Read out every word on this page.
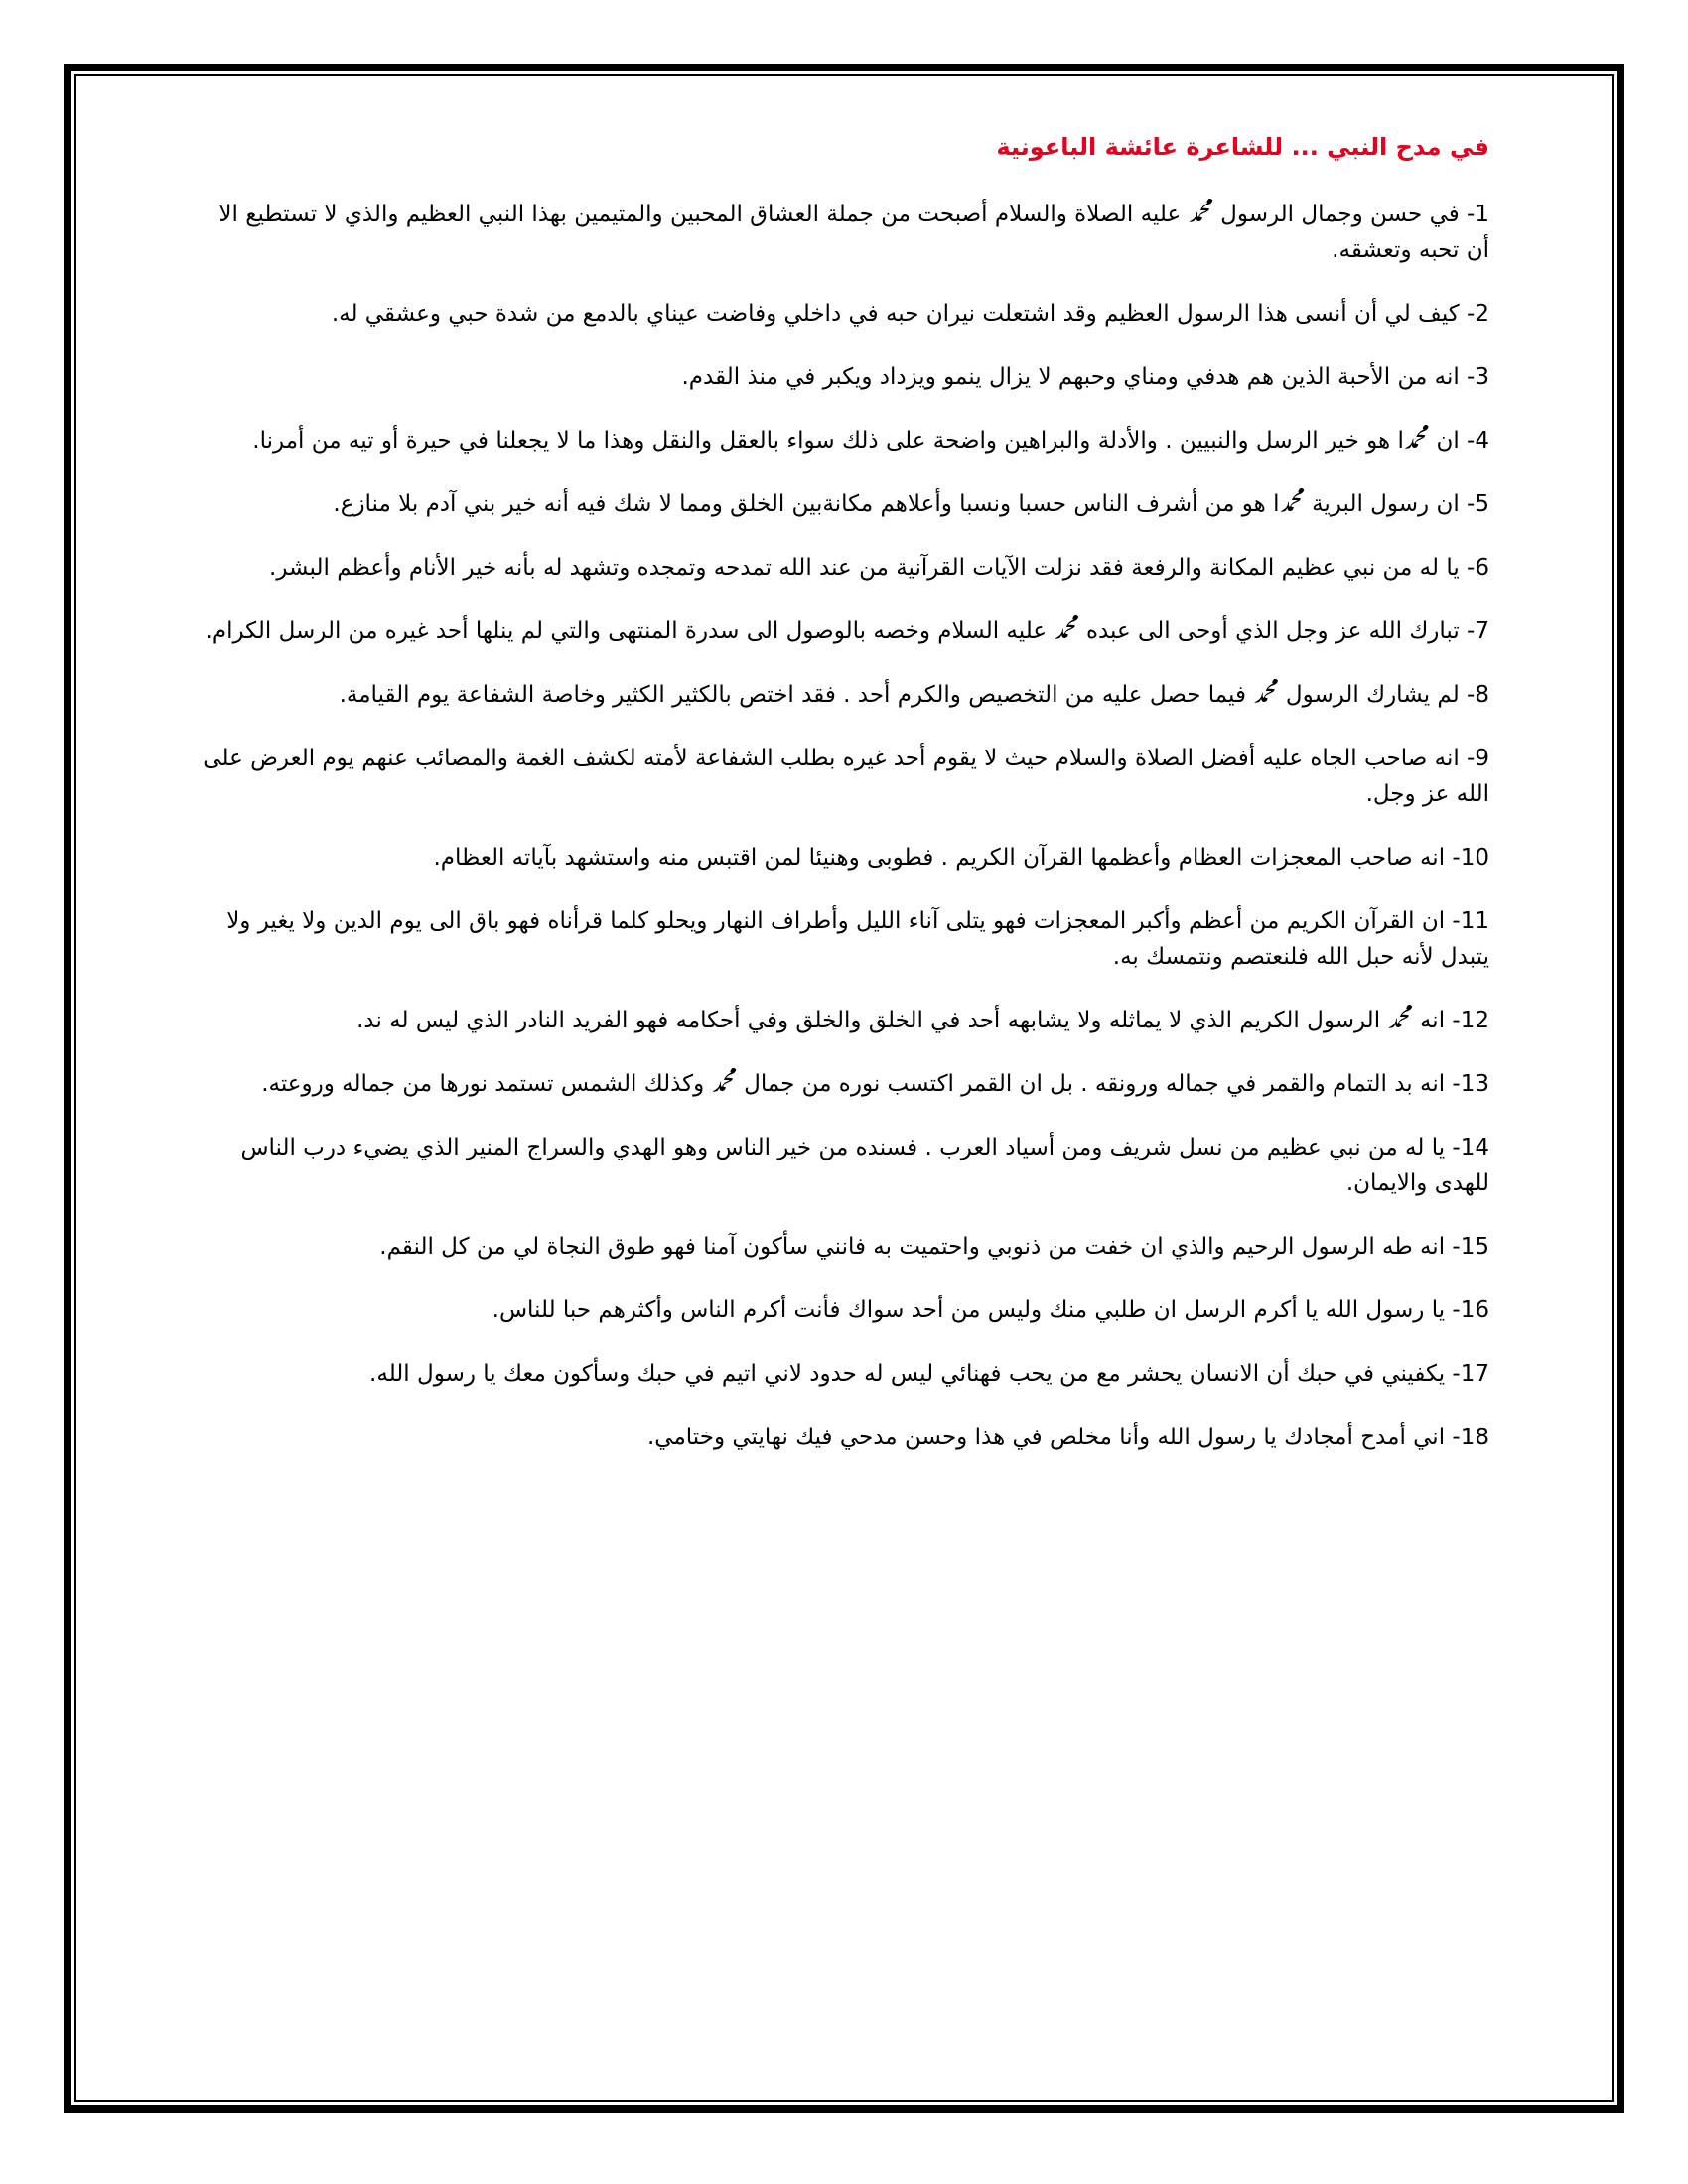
في مدح النبي ... للشاعرة عائشة الباعونية
1- في حسن وجمال الرسول ﷴ عليه الصلاة والسلام أصبحت من جملة العشاق المحبين والمتيمين بهذا النبي العظيم والذي لا تستطيع الا أن تحبه وتعشقه.
2- كيف لي أن أنسى هذا الرسول العظيم وقد اشتعلت نيران حبه في داخلي وفاضت عيناي بالدمع من شدة حبي وعشقي له.
3- انه من الأحبة الذين هم هدفي ومناي وحبهم لا يزال ينمو ويزداد ويكبر في منذ القدم.
4- ان ﷴا هو خير الرسل والنبيين . والأدلة والبراهين واضحة على ذلك سواء بالعقل والنقل وهذا ما لا يجعلنا في حيرة أو تيه من أمرنا.
5- ان رسول البرية ﷴا هو من أشرف الناس حسبا ونسبا وأعلاهم مكانةبين الخلق ومما لا شك فيه أنه خير بني آدم بلا منازع.
6- يا له من نبي عظيم المكانة والرفعة فقد نزلت الآيات القرآنية من عند الله تمدحه وتمجده وتشهد له بأنه خير الأنام وأعظم البشر.
7- تبارك الله عز وجل الذي أوحى الى عبده ﷴ عليه السلام وخصه بالوصول الى سدرة المنتهى والتي لم ينلها أحد غيره من الرسل الكرام.
8- لم يشارك الرسول ﷴ فيما حصل عليه من التخصيص والكرم أحد . فقد اختص بالكثير الكثير وخاصة الشفاعة يوم القيامة.
9- انه صاحب الجاه عليه أفضل الصلاة والسلام حيث لا يقوم أحد غيره بطلب الشفاعة لأمته لكشف الغمة والمصائب عنهم يوم العرض على الله عز وجل.
10- انه صاحب المعجزات العظام وأعظمها القرآن الكريم . فطوبى وهنيئا لمن اقتبس منه واستشهد بآياته العظام.
11- ان القرآن الكريم من أعظم وأكبر المعجزات فهو يتلى آناء الليل وأطراف النهار ويحلو كلما قرأناه فهو باق الى يوم الدين ولا يغير ولا يتبدل لأنه حبل الله فلنعتصم ونتمسك به.
12- انه ﷴ الرسول الكريم الذي لا يماثله ولا يشابهه أحد في الخلق والخلق وفي أحكامه فهو الفريد النادر الذي ليس له ند.
13- انه بد التمام والقمر في جماله ورونقه . بل ان القمر اكتسب نوره من جمال ﷴ وكذلك الشمس تستمد نورها من جماله وروعته.
14- يا له من نبي عظيم من نسل شريف ومن أسياد العرب . فسنده من خير الناس وهو الهدي والسراج المنير الذي يضيء درب الناس للهدى والايمان.
15- انه طه الرسول الرحيم والذي ان خفت من ذنوبي واحتميت به فانني سأكون آمنا فهو طوق النجاة لي من كل النقم.
16- يا رسول الله يا أكرم الرسل ان طلبي منك وليس من أحد سواك فأنت أكرم الناس وأكثرهم حبا للناس.
17- يكفيني في حبك أن الانسان يحشر مع من يحب فهنائي ليس له حدود لاني اتيم في حبك وسأكون معك يا رسول الله.
18- اني أمدح أمجادك يا رسول الله وأنا مخلص في هذا وحسن مدحي فيك نهايتي وختامي.
